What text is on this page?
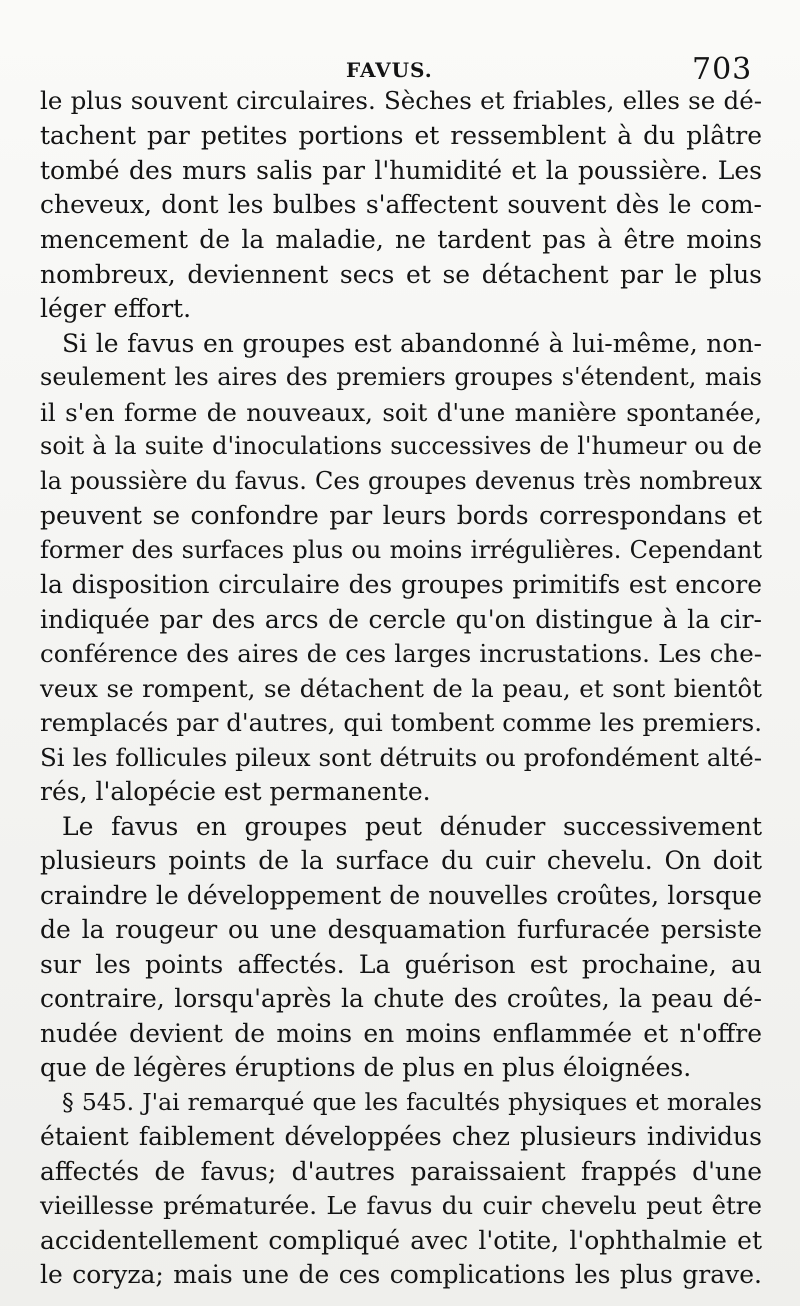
FAVUS.	703
le plus souvent circulaires. Sèches et friables, elles se dé-
tachent par petites portions et ressemblent à du plâtre
tombé des murs salis par l'humidité et la poussière. Les
cheveux, dont les bulbes s'affectent souvent dès le com-
mencement de la maladie, ne tardent pas à être moins
nombreux, deviennent secs et se détachent par le plus
léger effort.
Si le favus en groupes est abandonné à lui-même, non-
seulement les aires des premiers groupes s'étendent, mais
il s'en forme de nouveaux, soit d'une manière spontanée,
soit à la suite d'inoculations successives de l'humeur ou de
la poussière du favus. Ces groupes devenus très nombreux
peuvent se confondre par leurs bords correspondans et
former des surfaces plus ou moins irrégulières. Cependant
la disposition circulaire des groupes primitifs est encore
indiquée par des arcs de cercle qu'on distingue à la cir-
conférence des aires de ces larges incrustations. Les che-
veux se rompent, se détachent de la peau, et sont bientôt
remplacés par d'autres, qui tombent comme les premiers.
Si les follicules pileux sont détruits ou profondément alté-
rés, l'alopécie est permanente.
Le favus en groupes peut dénuder successivement
plusieurs points de la surface du cuir chevelu. On doit
craindre le développement de nouvelles croûtes, lorsque
de la rougeur ou une desquamation furfuracée persiste
sur les points affectés. La guérison est prochaine, au
contraire, lorsqu'après la chute des croûtes, la peau dé-
nudée devient de moins en moins enflammée et n'offre
que de légères éruptions de plus en plus éloignées.
§ 545. J'ai remarqué que les facultés physiques et morales
étaient faiblement développées chez plusieurs individus
affectés de favus; d'autres paraissaient frappés d'une
vieillesse prématurée. Le favus du cuir chevelu peut être
accidentellement compliqué avec l'otite, l'ophthalmie et
le coryza; mais une de ces complications les plus grave.
